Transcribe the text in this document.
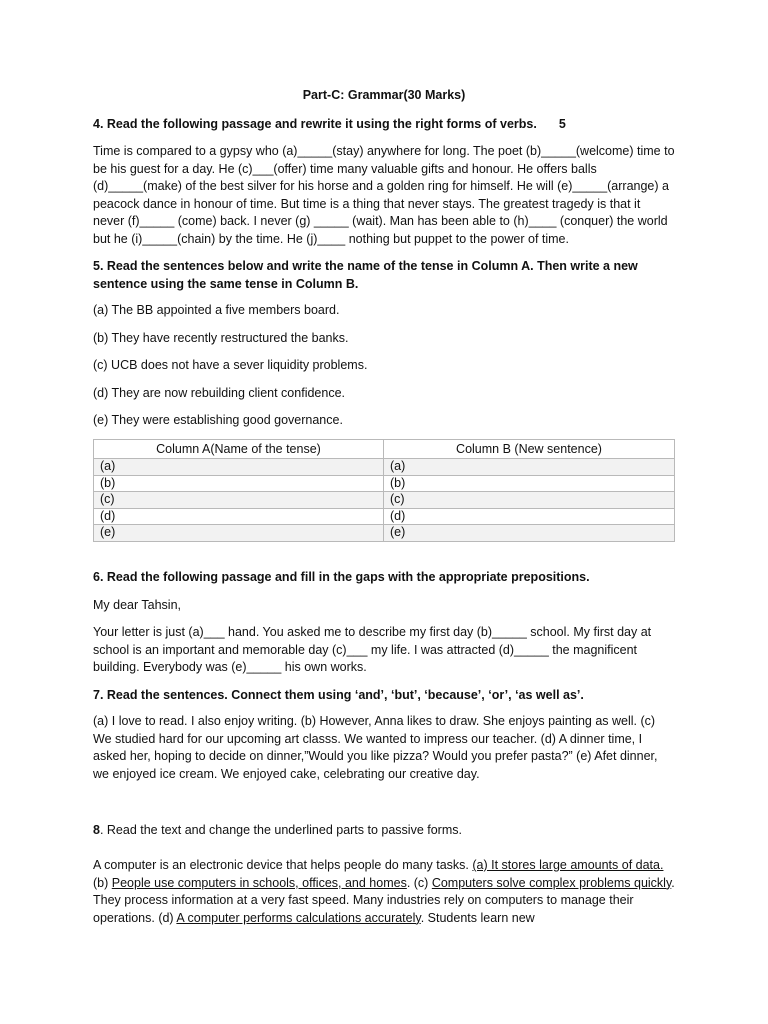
Part-C: Grammar(30 Marks)
4. Read the following passage and rewrite it using the right forms of verbs. 5
Time is compared to a gypsy who (a)_____(stay) anywhere for long. The poet (b)_____(welcome) time to be his guest for a day. He (c)___(offer) time many valuable gifts and honour. He offers balls (d)_____(make) of the best silver for his horse and a golden ring for himself. He will (e)_____(arrange) a peacock dance in honour of time. But time is a thing that never stays. The greatest tragedy is that it never (f)_____ (come) back. I never (g) _____ (wait). Man has been able to (h)____ (conquer) the world but he (i)_____(chain) by the time. He (j)____ nothing but puppet to the power of time.
5. Read the sentences below and write the name of the tense in Column A. Then write a new sentence using the same tense in Column B.
(a) The BB appointed a five members board.
(b) They have recently restructured the banks.
(c) UCB does not have a sever liquidity problems.
(d) They are now rebuilding client confidence.
(e) They were establishing good governance.
Column A(Name of the tense)	Column B (New sentence)
(a)	(a)
(b)	(b)
(c)	(c)
(d)	(d)
(e)	(e)
6. Read the following passage and fill in the gaps with the appropriate prepositions.
My dear Tahsin,
Your letter is just (a)___ hand. You asked me to describe my first day (b)_____ school. My first day at school is an important and memorable day (c)___ my life. I was attracted (d)_____ the magnificent building. Everybody was (e)_____ his own works.
7. Read the sentences. Connect them using ‘and’, ‘but’, ‘because’, ‘or’, ‘as well as’.
(a) I love to read. I also enjoy writing. (b) However, Anna likes to draw. She enjoys painting as well. (c) We studied hard for our upcoming art classs. We wanted to impress our teacher. (d) A dinner time, I asked her, hoping to decide on dinner,”Would you like pizza? Would you prefer pasta?” (e) Afet dinner, we enjoyed ice cream. We enjoyed cake, celebrating our creative day.
8. Read the text and change the underlined parts to passive forms.
A computer is an electronic device that helps people do many tasks. (a) It stores large amounts of data. (b) People use computers in schools, offices, and homes. (c) Computers solve complex problems quickly. They process information at a very fast speed. Many industries rely on computers to manage their operations. (d) A computer performs calculations accurately. Students learn new
